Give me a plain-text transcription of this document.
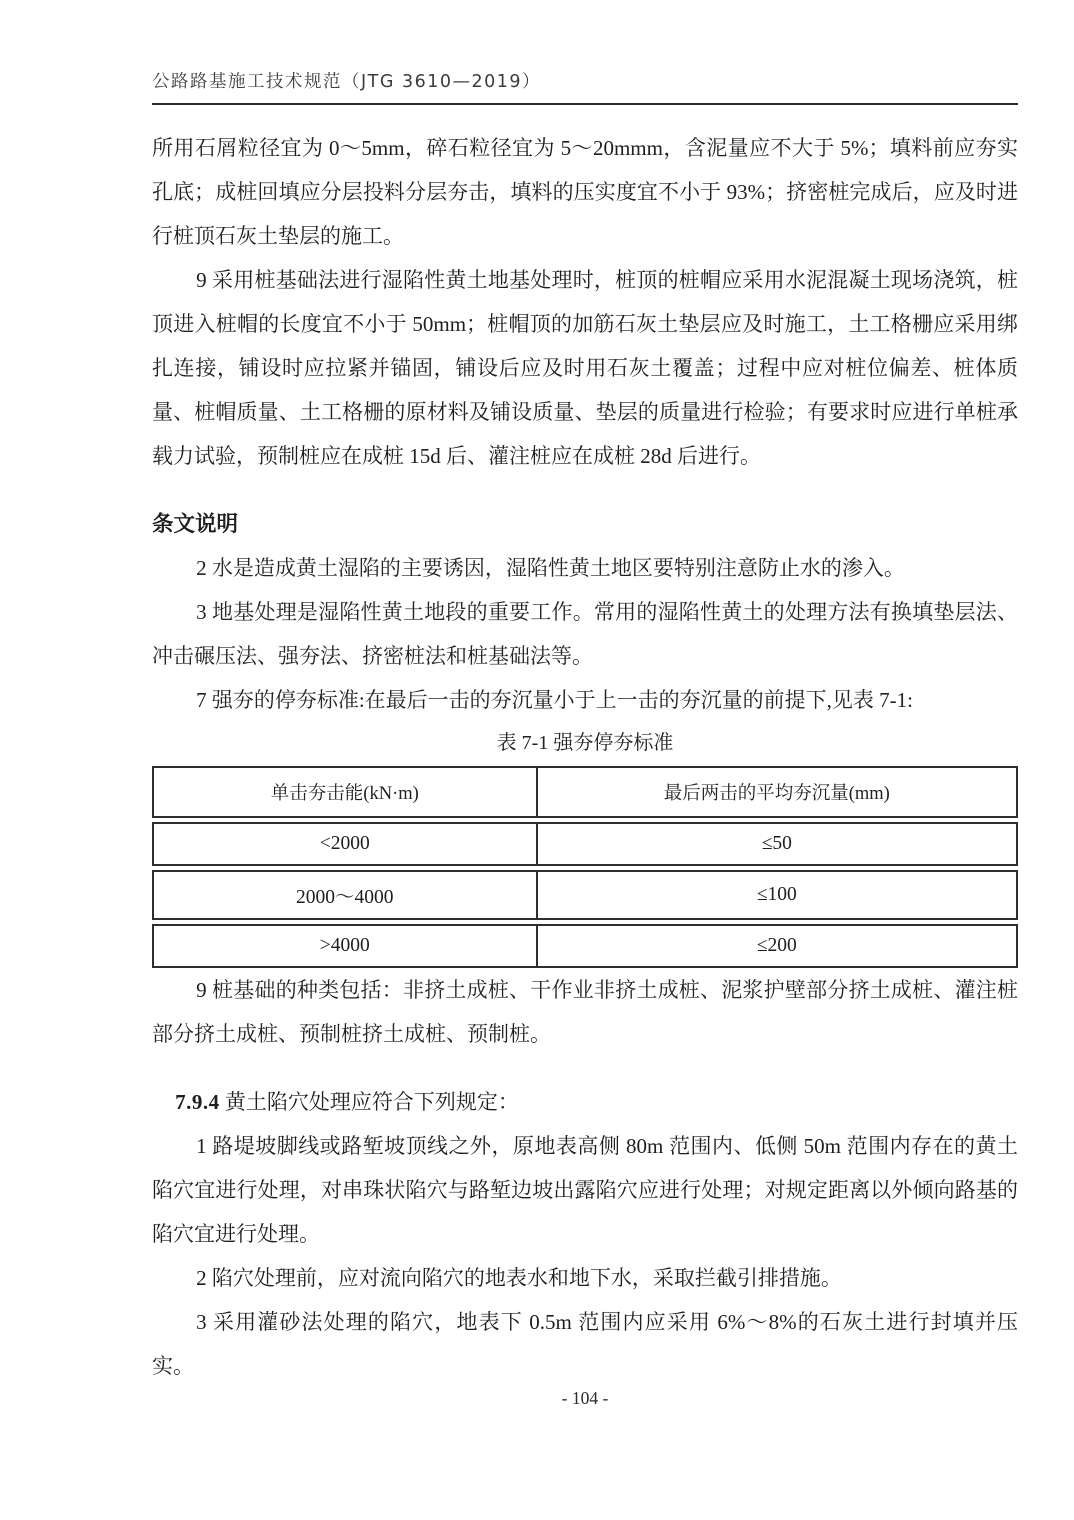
公路路基施工技术规范（JTG 3610—2019）

所用石屑粒径宜为 0～5mm，碎石粒径宜为 5～20mmm，含泥量应不大于 5%；填料前应夯实孔底；成桩回填应分层投料分层夯击，填料的压实度宜不小于 93%；挤密桩完成后，应及时进行桩顶石灰土垫层的施工。

9 采用桩基础法进行湿陷性黄土地基处理时，桩顶的桩帽应采用水泥混凝土现场浇筑，桩顶进入桩帽的长度宜不小于 50mm；桩帽顶的加筋石灰土垫层应及时施工，土工格栅应采用绑扎连接，铺设时应拉紧并锚固，铺设后应及时用石灰土覆盖；过程中应对桩位偏差、桩体质量、桩帽质量、土工格栅的原材料及铺设质量、垫层的质量进行检验；有要求时应进行单桩承载力试验，预制桩应在成桩 15d 后、灌注桩应在成桩 28d 后进行。

条文说明

2 水是造成黄土湿陷的主要诱因，湿陷性黄土地区要特别注意防止水的渗入。

3 地基处理是湿陷性黄土地段的重要工作。常用的湿陷性黄土的处理方法有换填垫层法、冲击碾压法、强夯法、挤密桩法和桩基础法等。

7 强夯的停夯标准:在最后一击的夯沉量小于上一击的夯沉量的前提下,见表 7-1:

表 7-1 强夯停夯标准

单击夯击能(kN·m)	最后两击的平均夯沉量(mm)
<2000	≤50
2000～4000	≤100
>4000	≤200

9 桩基础的种类包括：非挤土成桩、干作业非挤土成桩、泥浆护壁部分挤土成桩、灌注桩部分挤土成桩、预制桩挤土成桩、预制桩。

7.9.4 黄土陷穴处理应符合下列规定：

1 路堤坡脚线或路堑坡顶线之外，原地表高侧 80m 范围内、低侧 50m 范围内存在的黄土陷穴宜进行处理，对串珠状陷穴与路堑边坡出露陷穴应进行处理；对规定距离以外倾向路基的陷穴宜进行处理。

2 陷穴处理前，应对流向陷穴的地表水和地下水，采取拦截引排措施。

3 采用灌砂法处理的陷穴，地表下 0.5m 范围内应采用 6%～8%的石灰土进行封填并压实。

- 104 -
